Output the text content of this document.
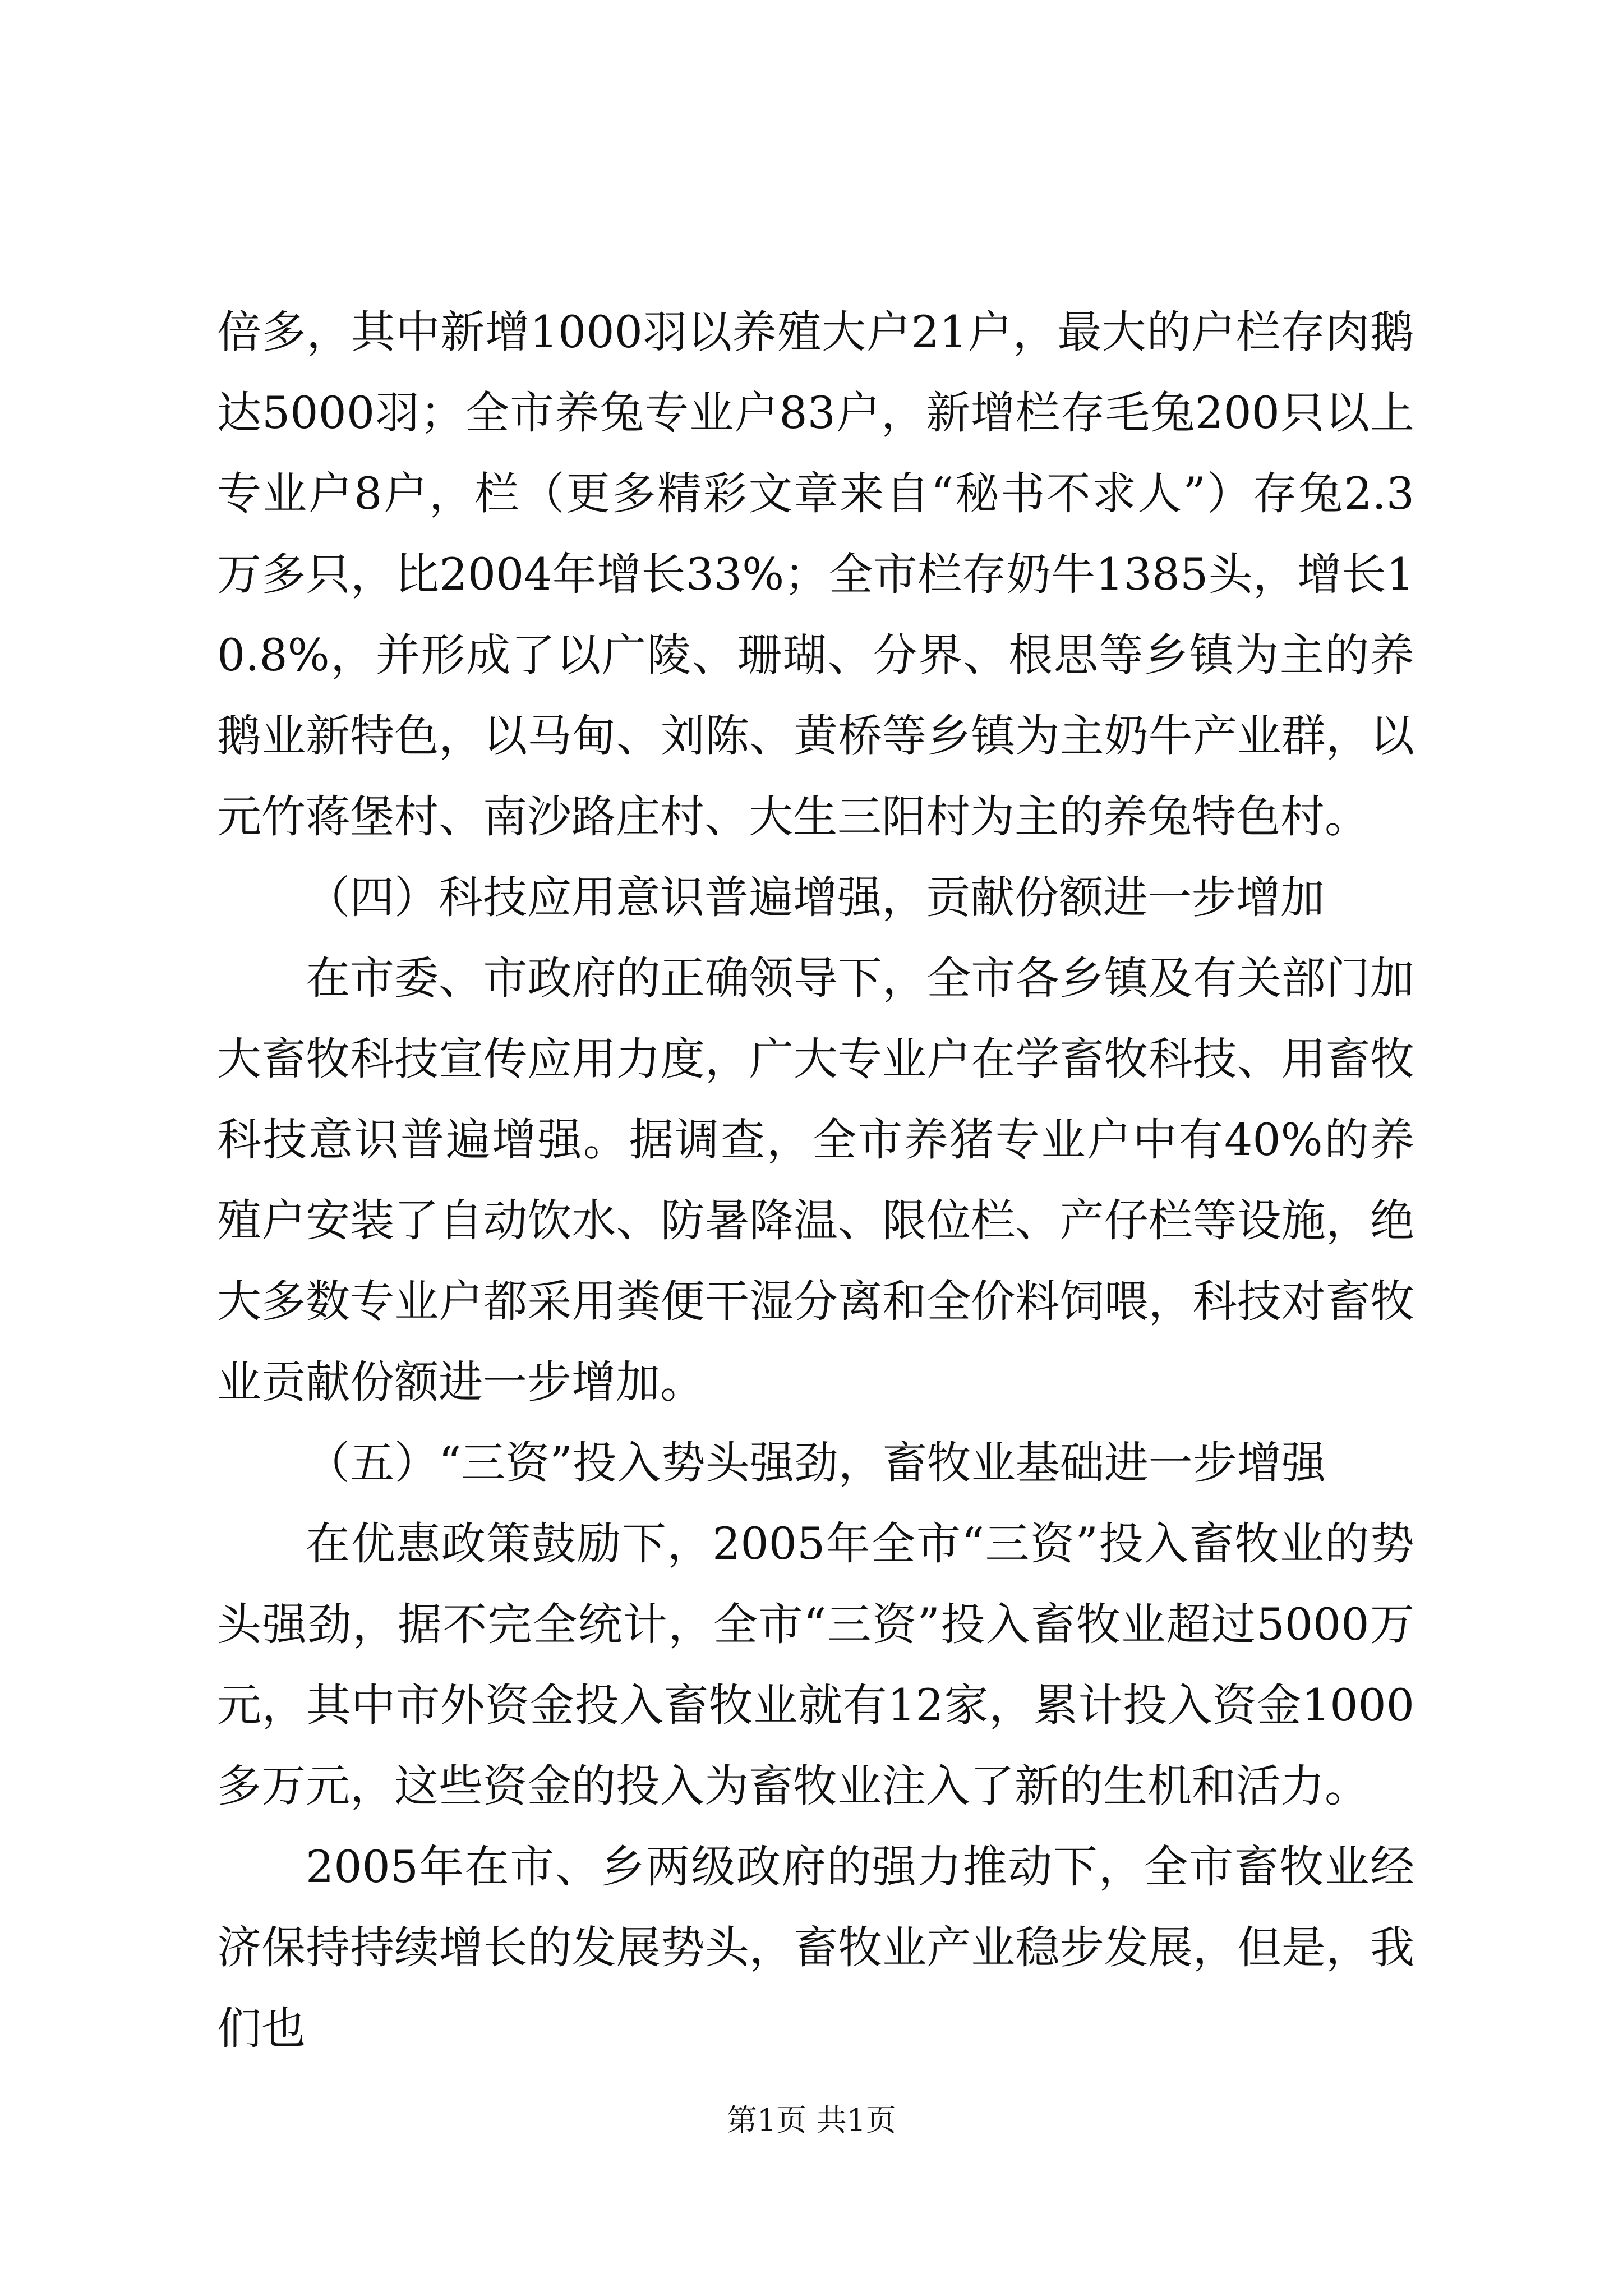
倍多，其中新增1000羽以养殖大户21户，最大的户栏存肉鹅达5000羽；全市养兔专业户83户，新增栏存毛兔200只以上专业户8户，栏（更多精彩文章来自“秘书不求人”）存兔2.3万多只，比2004年增长33%；全市栏存奶牛1385头，增长10.8%，并形成了以广陵、珊瑚、分界、根思等乡镇为主的养鹅业新特色，以马甸、刘陈、黄桥等乡镇为主奶牛产业群，以元竹蒋堡村、南沙路庄村、大生三阳村为主的养兔特色村。

（四）科技应用意识普遍增强，贡献份额进一步增加

在市委、市政府的正确领导下，全市各乡镇及有关部门加大畜牧科技宣传应用力度，广大专业户在学畜牧科技、用畜牧科技意识普遍增强。据调查，全市养猪专业户中有40%的养殖户安装了自动饮水、防暑降温、限位栏、产仔栏等设施，绝大多数专业户都采用粪便干湿分离和全价料饲喂，科技对畜牧业贡献份额进一步增加。

（五）“三资”投入势头强劲，畜牧业基础进一步增强

在优惠政策鼓励下，2005年全市“三资”投入畜牧业的势头强劲，据不完全统计，全市“三资”投入畜牧业超过5000万元，其中市外资金投入畜牧业就有12家，累计投入资金1000多万元，这些资金的投入为畜牧业注入了新的生机和活力。

2005年在市、乡两级政府的强力推动下，全市畜牧业经济保持持续增长的发展势头，畜牧业产业稳步发展，但是，我们也

第1页 共1页
